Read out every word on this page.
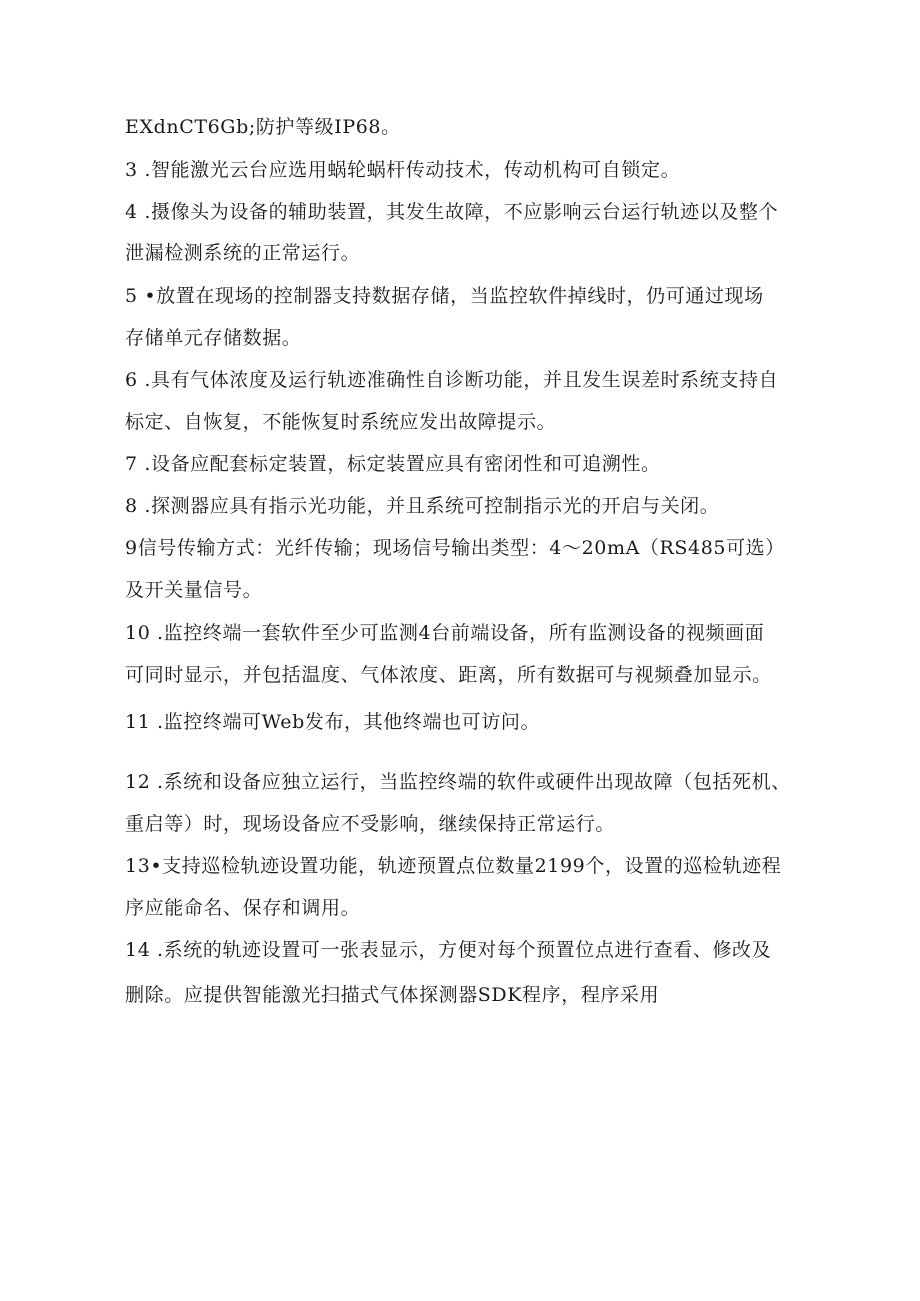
EXdnCT6Gb;防护等级IP68。
3 .智能激光云台应选用蜗轮蜗杆传动技术，传动机构可自锁定。
4 .摄像头为设备的辅助装置，其发生故障，不应影响云台运行轨迹以及整个
泄漏检测系统的正常运行。
5 •放置在现场的控制器支持数据存储，当监控软件掉线时，仍可通过现场
存储单元存储数据。
6 .具有气体浓度及运行轨迹准确性自诊断功能，并且发生误差时系统支持自
标定、自恢复，不能恢复时系统应发出故障提示。
7 .设备应配套标定装置，标定装置应具有密闭性和可追溯性。
8 .探测器应具有指示光功能，并且系统可控制指示光的开启与关闭。
9信号传输方式：光纤传输；现场信号输出类型：4～20mA（RS485可选）
及开关量信号。
10 .监控终端一套软件至少可监测4台前端设备，所有监测设备的视频画面
可同时显示，并包括温度、气体浓度、距离，所有数据可与视频叠加显示。
11 .监控终端可Web发布，其他终端也可访问。
12 .系统和设备应独立运行，当监控终端的软件或硬件出现故障（包括死机、
重启等）时，现场设备应不受影响，继续保持正常运行。
13•支持巡检轨迹设置功能，轨迹预置点位数量2199个，设置的巡检轨迹程
序应能命名、保存和调用。
14 .系统的轨迹设置可一张表显示，方便对每个预置位点进行查看、修改及
删除。应提供智能激光扫描式气体探测器SDK程序，程序采用
